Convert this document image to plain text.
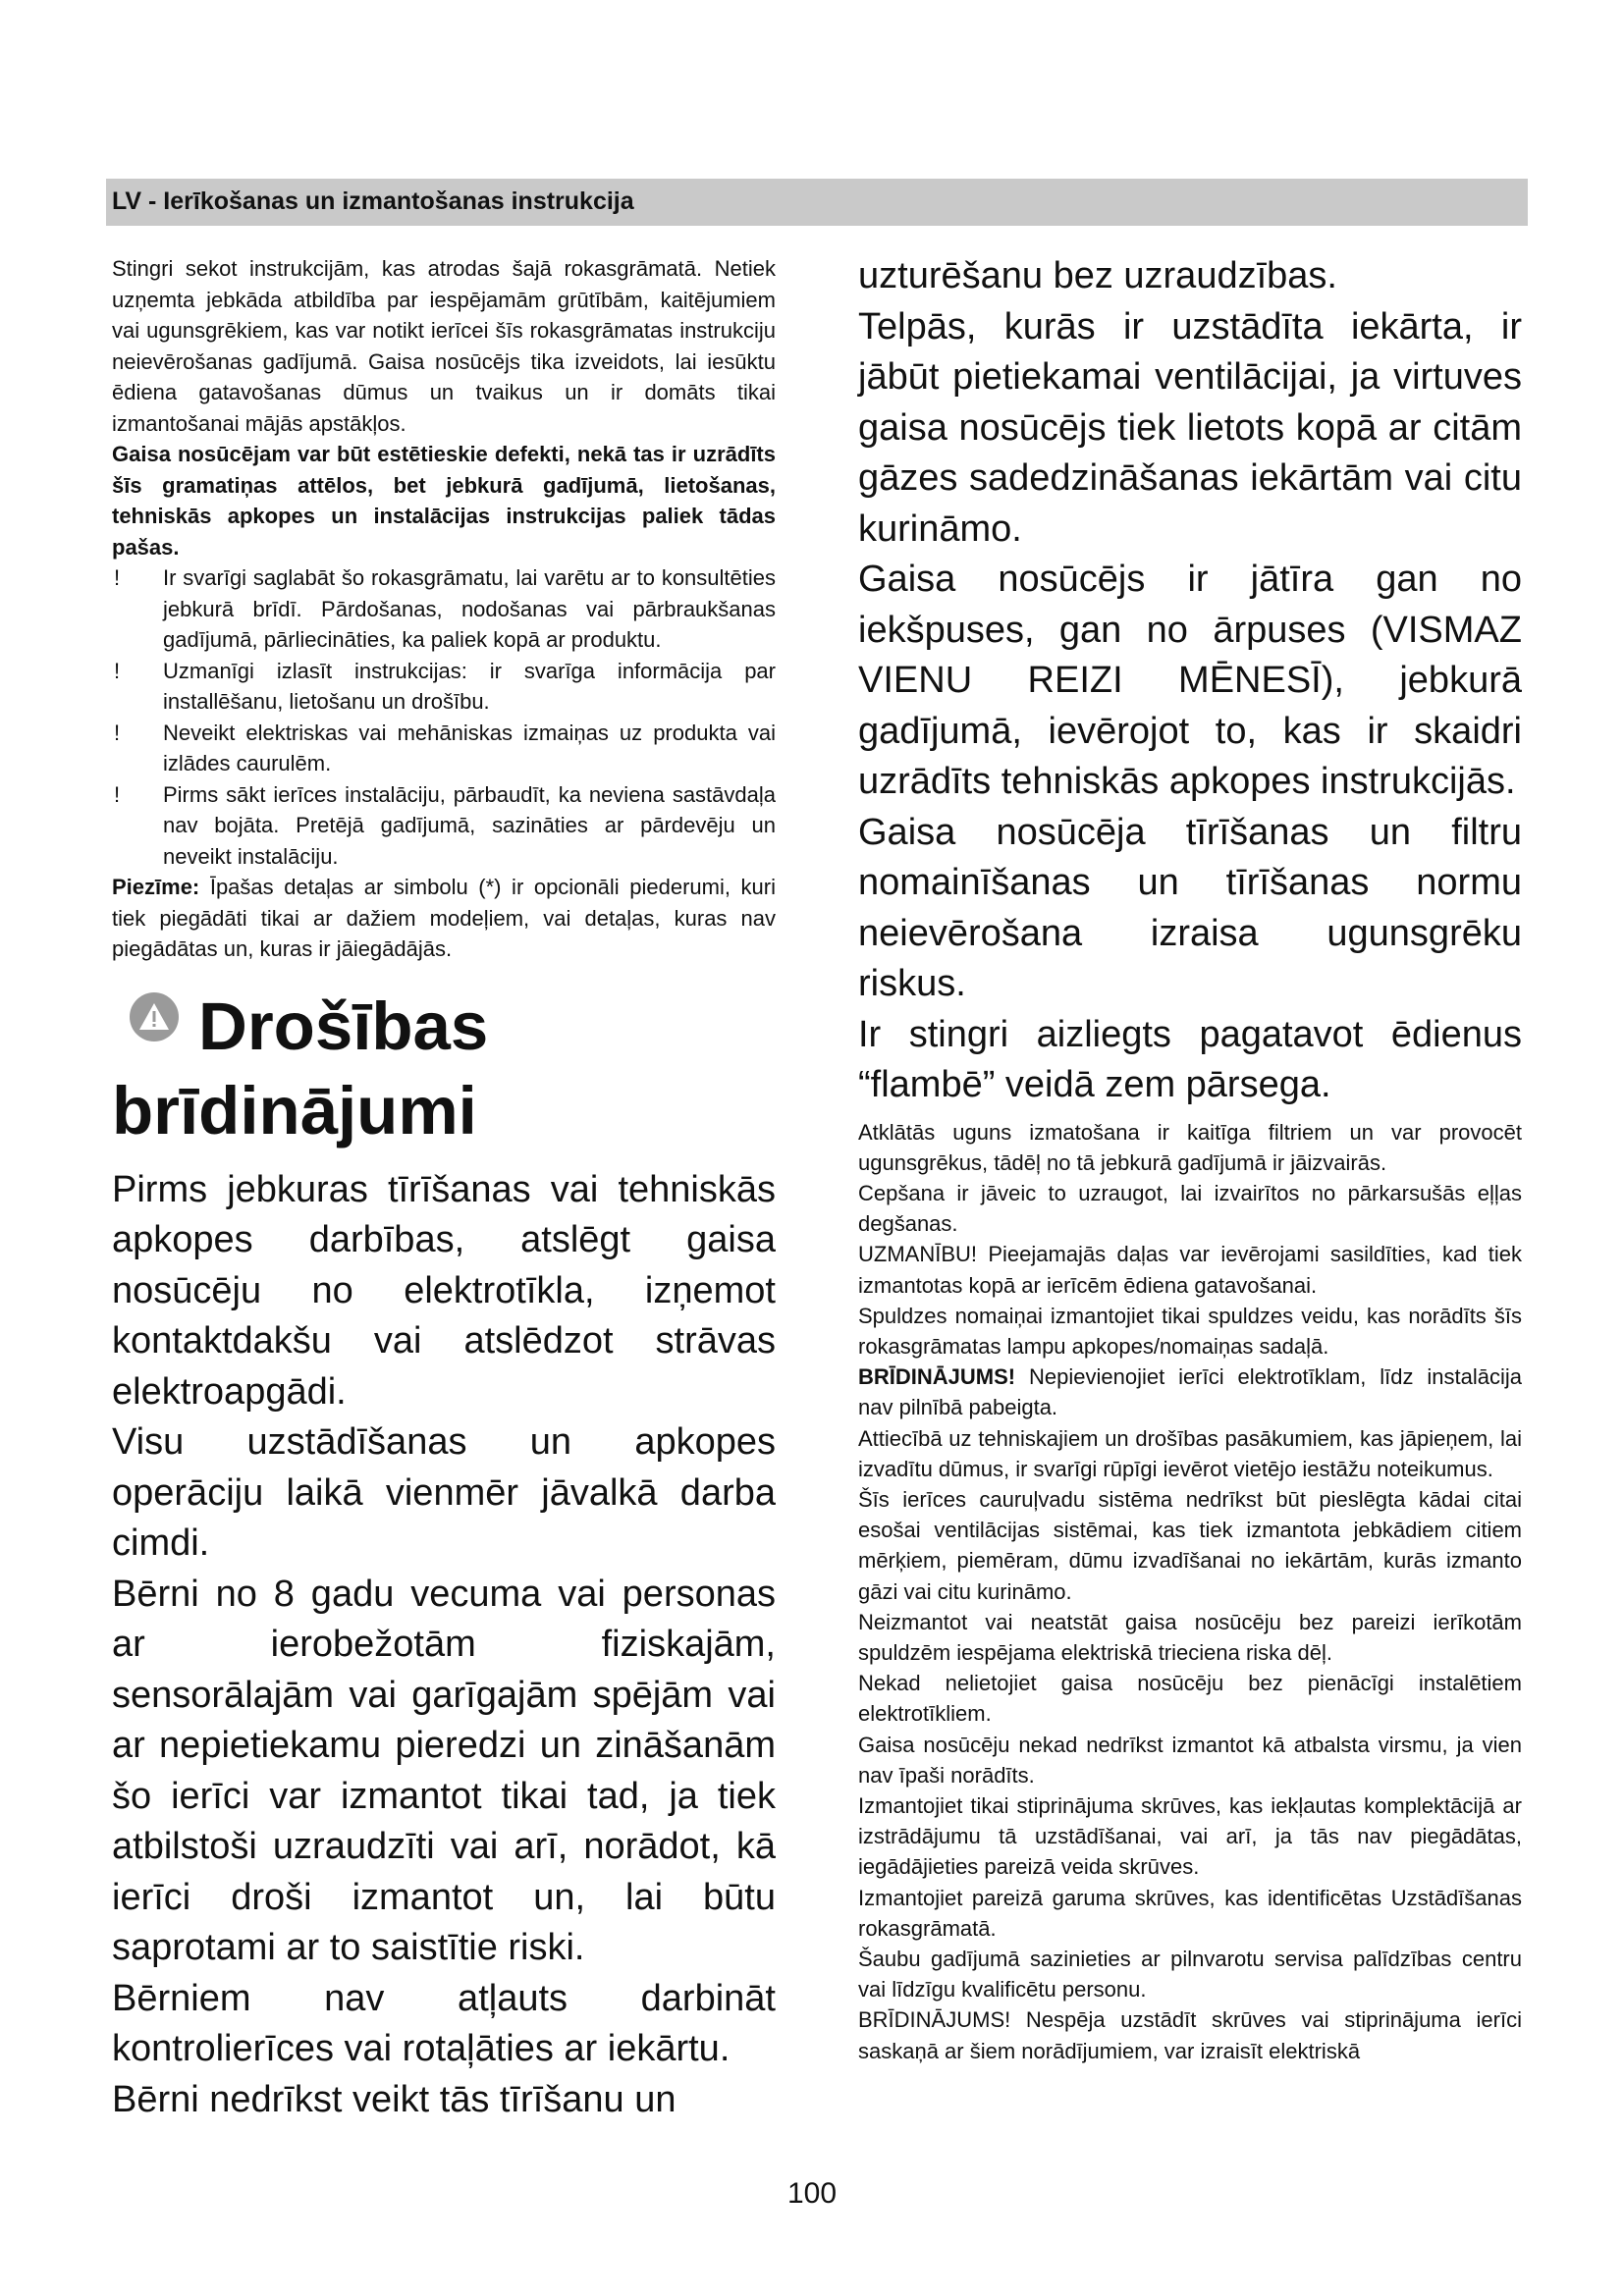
LV - Ierīkošanas un izmantošanas instrukcija

Stingri sekot instrukcijām, kas atrodas šajā rokasgrāmatā. Netiek uzņemta jebkāda atbildība par iespējamām grūtībām, kaitējumiem vai ugunsgrēkiem, kas var notikt ierīcei šīs rokasgrāmatas instrukciju neievērošanas gadījumā. Gaisa nosūcējs tika izveidots, lai iesūktu ēdiena gatavošanas dūmus un tvaikus un ir domāts tikai izmantošanai mājās apstākļos.

Gaisa nosūcējam var būt estētieskie defekti, nekā tas ir uzrādīts šīs gramatiņas attēlos, bet jebkurā gadījumā, lietošanas, tehniskās apkopes un instalācijas instrukcijas paliek tādas pašas.

! Ir svarīgi saglabāt šo rokasgrāmatu, lai varētu ar to konsultēties jebkurā brīdī. Pārdošanas, nodošanas vai pārbraukšanas gadījumā, pārliecināties, ka paliek kopā ar produktu.
! Uzmanīgi izlasīt instrukcijas: ir svarīga informācija par installēšanu, lietošanu un drošību.
! Neveikt elektriskas vai mehāniskas izmaiņas uz produkta vai izlādes caurulēm.
! Pirms sākt ierīces instalāciju, pārbaudīt, ka neviena sastāvdaļa nav bojāta. Pretējā gadījumā, sazināties ar pārdevēju un neveikt instalāciju.

Piezīme: Īpašas detaļas ar simbolu (*) ir opcionāli piederumi, kuri tiek piegādāti tikai ar dažiem modeļiem, vai detaļas, kuras nav piegādātas un, kuras ir jāiegādājās.

Drošības
brīdinājumi

Pirms jebkuras tīrīšanas vai tehniskās apkopes darbības, atslēgt gaisa nosūcēju no elektrotīkla, izņemot kontaktdakšu vai atslēdzot strāvas elektroapgādi.

Visu uzstādīšanas un apkopes operāciju laikā vienmēr jāvalkā darba cimdi.

Bērni no 8 gadu vecuma vai personas ar ierobežotām fiziskajām, sensorālajām vai garīgajām spējām vai ar nepietiekamu pieredzi un zināšanām šo ierīci var izmantot tikai tad, ja tiek atbilstoši uzraudzīti vai arī, norādot, kā ierīci droši izmantot un, lai būtu saprotami ar to saistītie riski.

Bērniem nav atļauts darbināt kontrolierīces vai rotaļāties ar iekārtu.

Bērni nedrīkst veikt tās tīrīšanu un

uzturēšanu bez uzraudzības.

Telpās, kurās ir uzstādīta iekārta, ir jābūt pietiekamai ventilācijai, ja virtuves gaisa nosūcējs tiek lietots kopā ar citām gāzes sadedzināšanas iekārtām vai citu kurināmo.

Gaisa nosūcējs ir jātīra gan no iekšpuses, gan no ārpuses (VISMAZ VIENU REIZI MĒNESĪ), jebkurā gadījumā, ievērojot to, kas ir skaidri uzrādīts tehniskās apkopes instrukcijās.

Gaisa nosūcēja tīrīšanas un filtru nomainīšanas un tīrīšanas normu neievērošana izraisa ugunsgrēku riskus.

Ir stingri aizliegts pagatavot ēdienus “flambē” veidā zem pārsega.

Atklātās uguns izmatošana ir kaitīga filtriem un var provocēt ugunsgrēkus, tādēļ no tā jebkurā gadījumā ir jāizvairās.

Cepšana ir jāveic to uzraugot, lai izvairītos no pārkarsušās eļļas degšanas.

UZMANĪBU! Pieejamajās daļas var ievērojami sasildīties, kad tiek izmantotas kopā ar ierīcēm ēdiena gatavošanai.

Spuldzes nomaiņai izmantojiet tikai spuldzes veidu, kas norādīts šīs rokasgrāmatas lampu apkopes/nomaiņas sadaļā.

BRĪDINĀJUMS! Nepievienojiet ierīci elektrotīklam, līdz instalācija nav pilnībā pabeigta.

Attiecībā uz tehniskajiem un drošības pasākumiem, kas jāpieņem, lai izvadītu dūmus, ir svarīgi rūpīgi ievērot vietējo iestāžu noteikumus.

Šīs ierīces cauruļvadu sistēma nedrīkst būt pieslēgta kādai citai esošai ventilācijas sistēmai, kas tiek izmantota jebkādiem citiem mērķiem, piemēram, dūmu izvadīšanai no iekārtām, kurās izmanto gāzi vai citu kurināmo.

Neizmantot vai neatstāt gaisa nosūcēju bez pareizi ierīkotām spuldzēm iespējama elektriskā trieciena riska dēļ.

Nekad nelietojiet gaisa nosūcēju bez pienācīgi instalētiem elektrotīkliem.

Gaisa nosūcēju nekad nedrīkst izmantot kā atbalsta virsmu, ja vien nav īpaši norādīts.

Izmantojiet tikai stiprinājuma skrūves, kas iekļautas komplektācijā ar izstrādājumu tā uzstādīšanai, vai arī, ja tās nav piegādātas, iegādājieties pareizā veida skrūves.

Izmantojiet pareizā garuma skrūves, kas identificētas Uzstādīšanas rokasgrāmatā.

Šaubu gadījumā sazinieties ar pilnvarotu servisa palīdzības centru vai līdzīgu kvalificētu personu.

BRĪDINĀJUMS! Nespēja uzstādīt skrūves vai stiprinājuma ierīci saskaņā ar šiem norādījumiem, var izraisīt elektriskā

100
